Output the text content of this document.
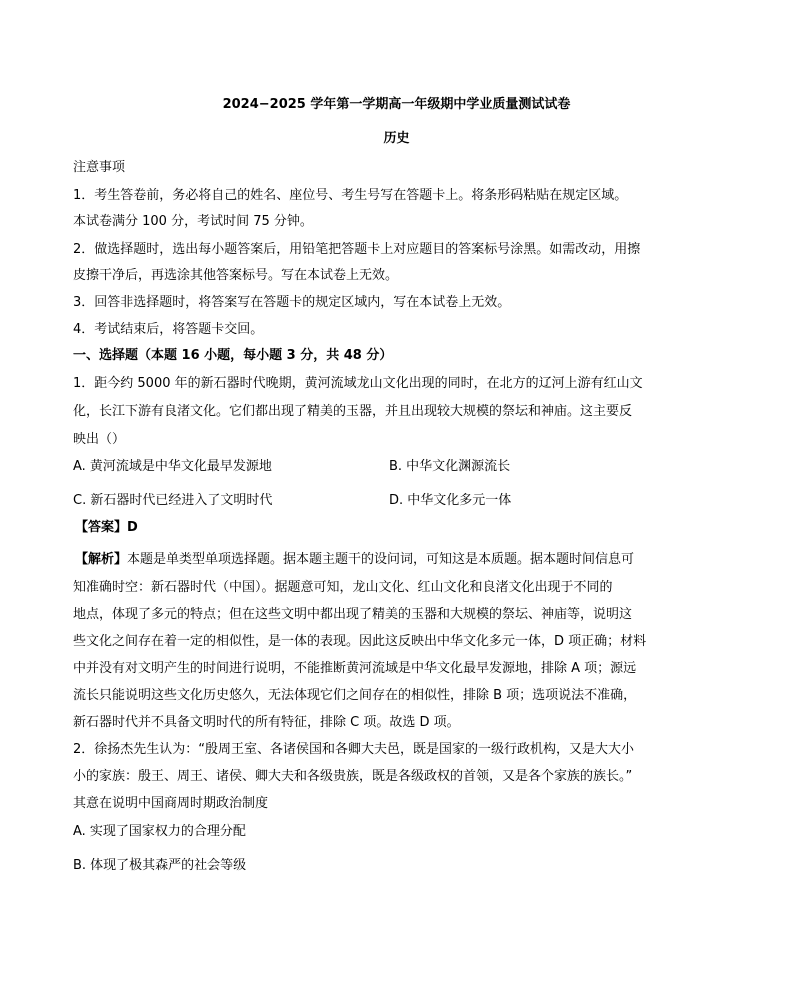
2024−2025 学年第一学期高一年级期中学业质量测试试卷
历史
注意事项
1．考生答卷前，务必将自己的姓名、座位号、考生号写在答题卡上。将条形码粘贴在规定区域。
本试卷满分 100 分，考试时间 75 分钟。
2．做选择题时，选出每小题答案后，用铅笔把答题卡上对应题目的答案标号涂黑。如需改动，用擦
皮擦干净后，再选涂其他答案标号。写在本试卷上无效。
3．回答非选择题时，将答案写在答题卡的规定区域内，写在本试卷上无效。
4．考试结束后，将答题卡交回。
一、选择题（本题 16 小题，每小题 3 分，共 48 分）
1．距今约 5000 年的新石器时代晚期，黄河流域龙山文化出现的同时，在北方的辽河上游有红山文
化，长江下游有良渚文化。它们都出现了精美的玉器，并且出现较大规模的祭坛和神庙。这主要反
映出（）
A. 黄河流域是中华文化最早发源地	B. 中华文化渊源流长
C. 新石器时代已经进入了文明时代	D. 中华文化多元一体
【答案】D
【解析】本题是单类型单项选择题。据本题主题干的设问词，可知这是本质题。据本题时间信息可
知准确时空：新石器时代（中国）。据题意可知，龙山文化、红山文化和良渚文化出现于不同的
地点，体现了多元的特点；但在这些文明中都出现了精美的玉器和大规模的祭坛、神庙等，说明这
些文化之间存在着一定的相似性，是一体的表现。因此这反映出中华文化多元一体，D 项正确；材料
中并没有对文明产生的时间进行说明，不能推断黄河流域是中华文化最早发源地，排除 A 项；源远
流长只能说明这些文化历史悠久，无法体现它们之间存在的相似性，排除 B 项；选项说法不准确，
新石器时代并不具备文明时代的所有特征，排除 C 项。故选 D 项。
2．徐扬杰先生认为：“殷周王室、各诸侯国和各卿大夫邑，既是国家的一级行政机构，又是大大小
小的家族：殷王、周王、诸侯、卿大夫和各级贵族，既是各级政权的首领，又是各个家族的族长。”
其意在说明中国商周时期政治制度
A. 实现了国家权力的合理分配
B. 体现了极其森严的社会等级
